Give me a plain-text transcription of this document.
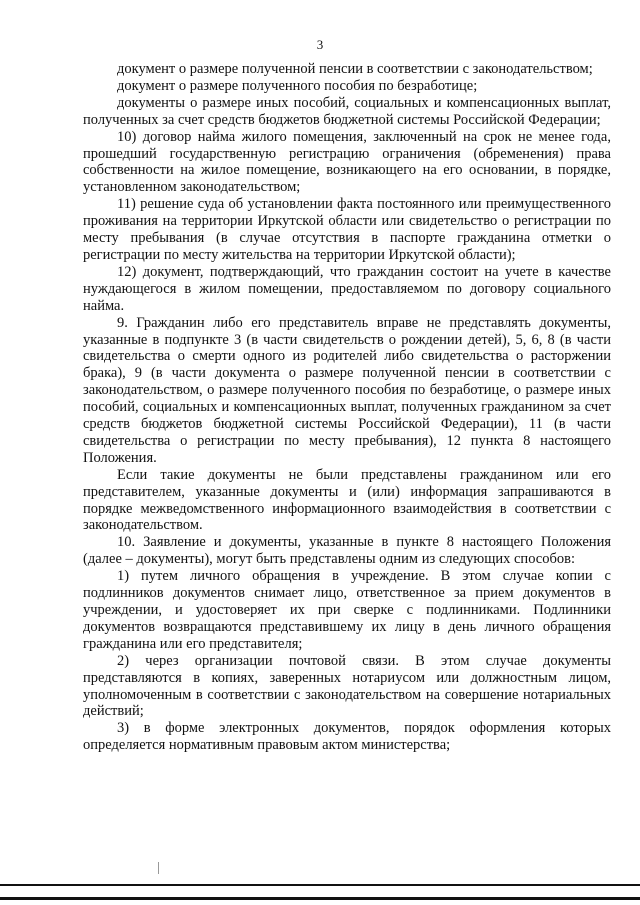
3

документ о размере полученной пенсии в соответствии с законодательством;

документ о размере полученного пособия по безработице;

документы о размере иных пособий, социальных и компенсационных выплат, полученных за счет средств бюджетов бюджетной системы Российской Федерации;

10) договор найма жилого помещения, заключенный на срок не менее года, прошедший государственную регистрацию ограничения (обременения) права собственности на жилое помещение, возникающего на его основании, в порядке, установленном законодательством;

11) решение суда об установлении факта постоянного или преимущественного проживания на территории Иркутской области или свидетельство о регистрации по месту пребывания (в случае отсутствия в паспорте гражданина отметки о регистрации по месту жительства на территории Иркутской области);

12) документ, подтверждающий, что гражданин состоит на учете в качестве нуждающегося в жилом помещении, предоставляемом по договору социального найма.

9. Гражданин либо его представитель вправе не представлять документы, указанные в подпункте 3 (в части свидетельств о рождении детей), 5, 6, 8 (в части свидетельства о смерти одного из родителей либо свидетельства о расторжении брака), 9 (в части документа о размере полученной пенсии в соответствии с законодательством, о размере полученного пособия по безработице, о размере иных пособий, социальных и компенсационных выплат, полученных гражданином за счет средств бюджетов бюджетной системы Российской Федерации), 11 (в части свидетельства о регистрации по месту пребывания), 12 пункта 8 настоящего Положения.

Если такие документы не были представлены гражданином или его представителем, указанные документы и (или) информация запрашиваются в порядке межведомственного информационного взаимодействия в соответствии с законодательством.

10. Заявление и документы, указанные в пункте 8 настоящего Положения (далее – документы), могут быть представлены одним из следующих способов:

1) путем личного обращения в учреждение. В этом случае копии с подлинников документов снимает лицо, ответственное за прием документов в учреждении, и удостоверяет их при сверке с подлинниками. Подлинники документов возвращаются представившему их лицу в день личного обращения гражданина или его представителя;

2) через организации почтовой связи. В этом случае документы представляются в копиях, заверенных нотариусом или должностным лицом, уполномоченным в соответствии с законодательством на совершение нотариальных действий;

3) в форме электронных документов, порядок оформления которых определяется нормативным правовым актом министерства;
